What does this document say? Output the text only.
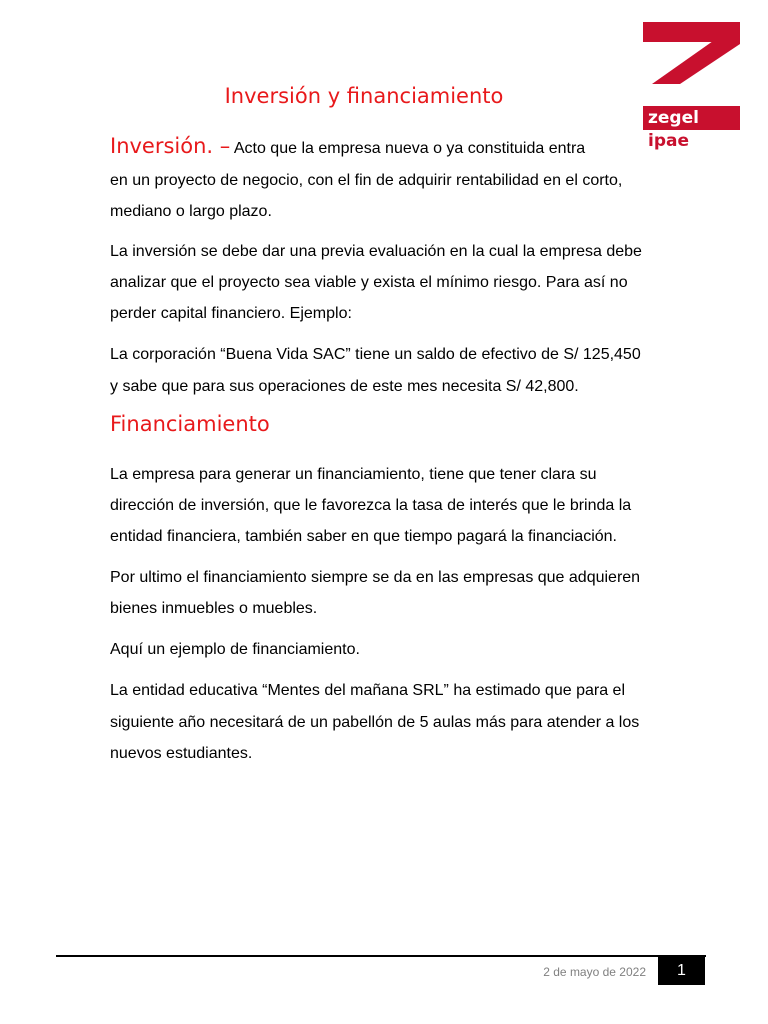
zegel
ipae
Inversión y financiamiento
Inversión. – Acto que la empresa nueva o ya constituida entra
en un proyecto de negocio, con el fin de adquirir rentabilidad en el corto,
mediano o largo plazo.
La inversión se debe dar una previa evaluación en la cual la empresa debe
analizar que el proyecto sea viable y exista el mínimo riesgo. Para así no
perder capital financiero. Ejemplo:
La corporación “Buena Vida SAC” tiene un saldo de efectivo de S/ 125,450
y sabe que para sus operaciones de este mes necesita S/ 42,800.
Financiamiento
La empresa para generar un financiamiento, tiene que tener clara su
dirección de inversión, que le favorezca la tasa de interés que le brinda la
entidad financiera, también saber en que tiempo pagará la financiación.
Por ultimo el financiamiento siempre se da en las empresas que adquieren
bienes inmuebles o muebles.
Aquí un ejemplo de financiamiento.
La entidad educativa “Mentes del mañana SRL” ha estimado que para el
siguiente año necesitará de un pabellón de 5 aulas más para atender a los
nuevos estudiantes.
2 de mayo de 2022	1
